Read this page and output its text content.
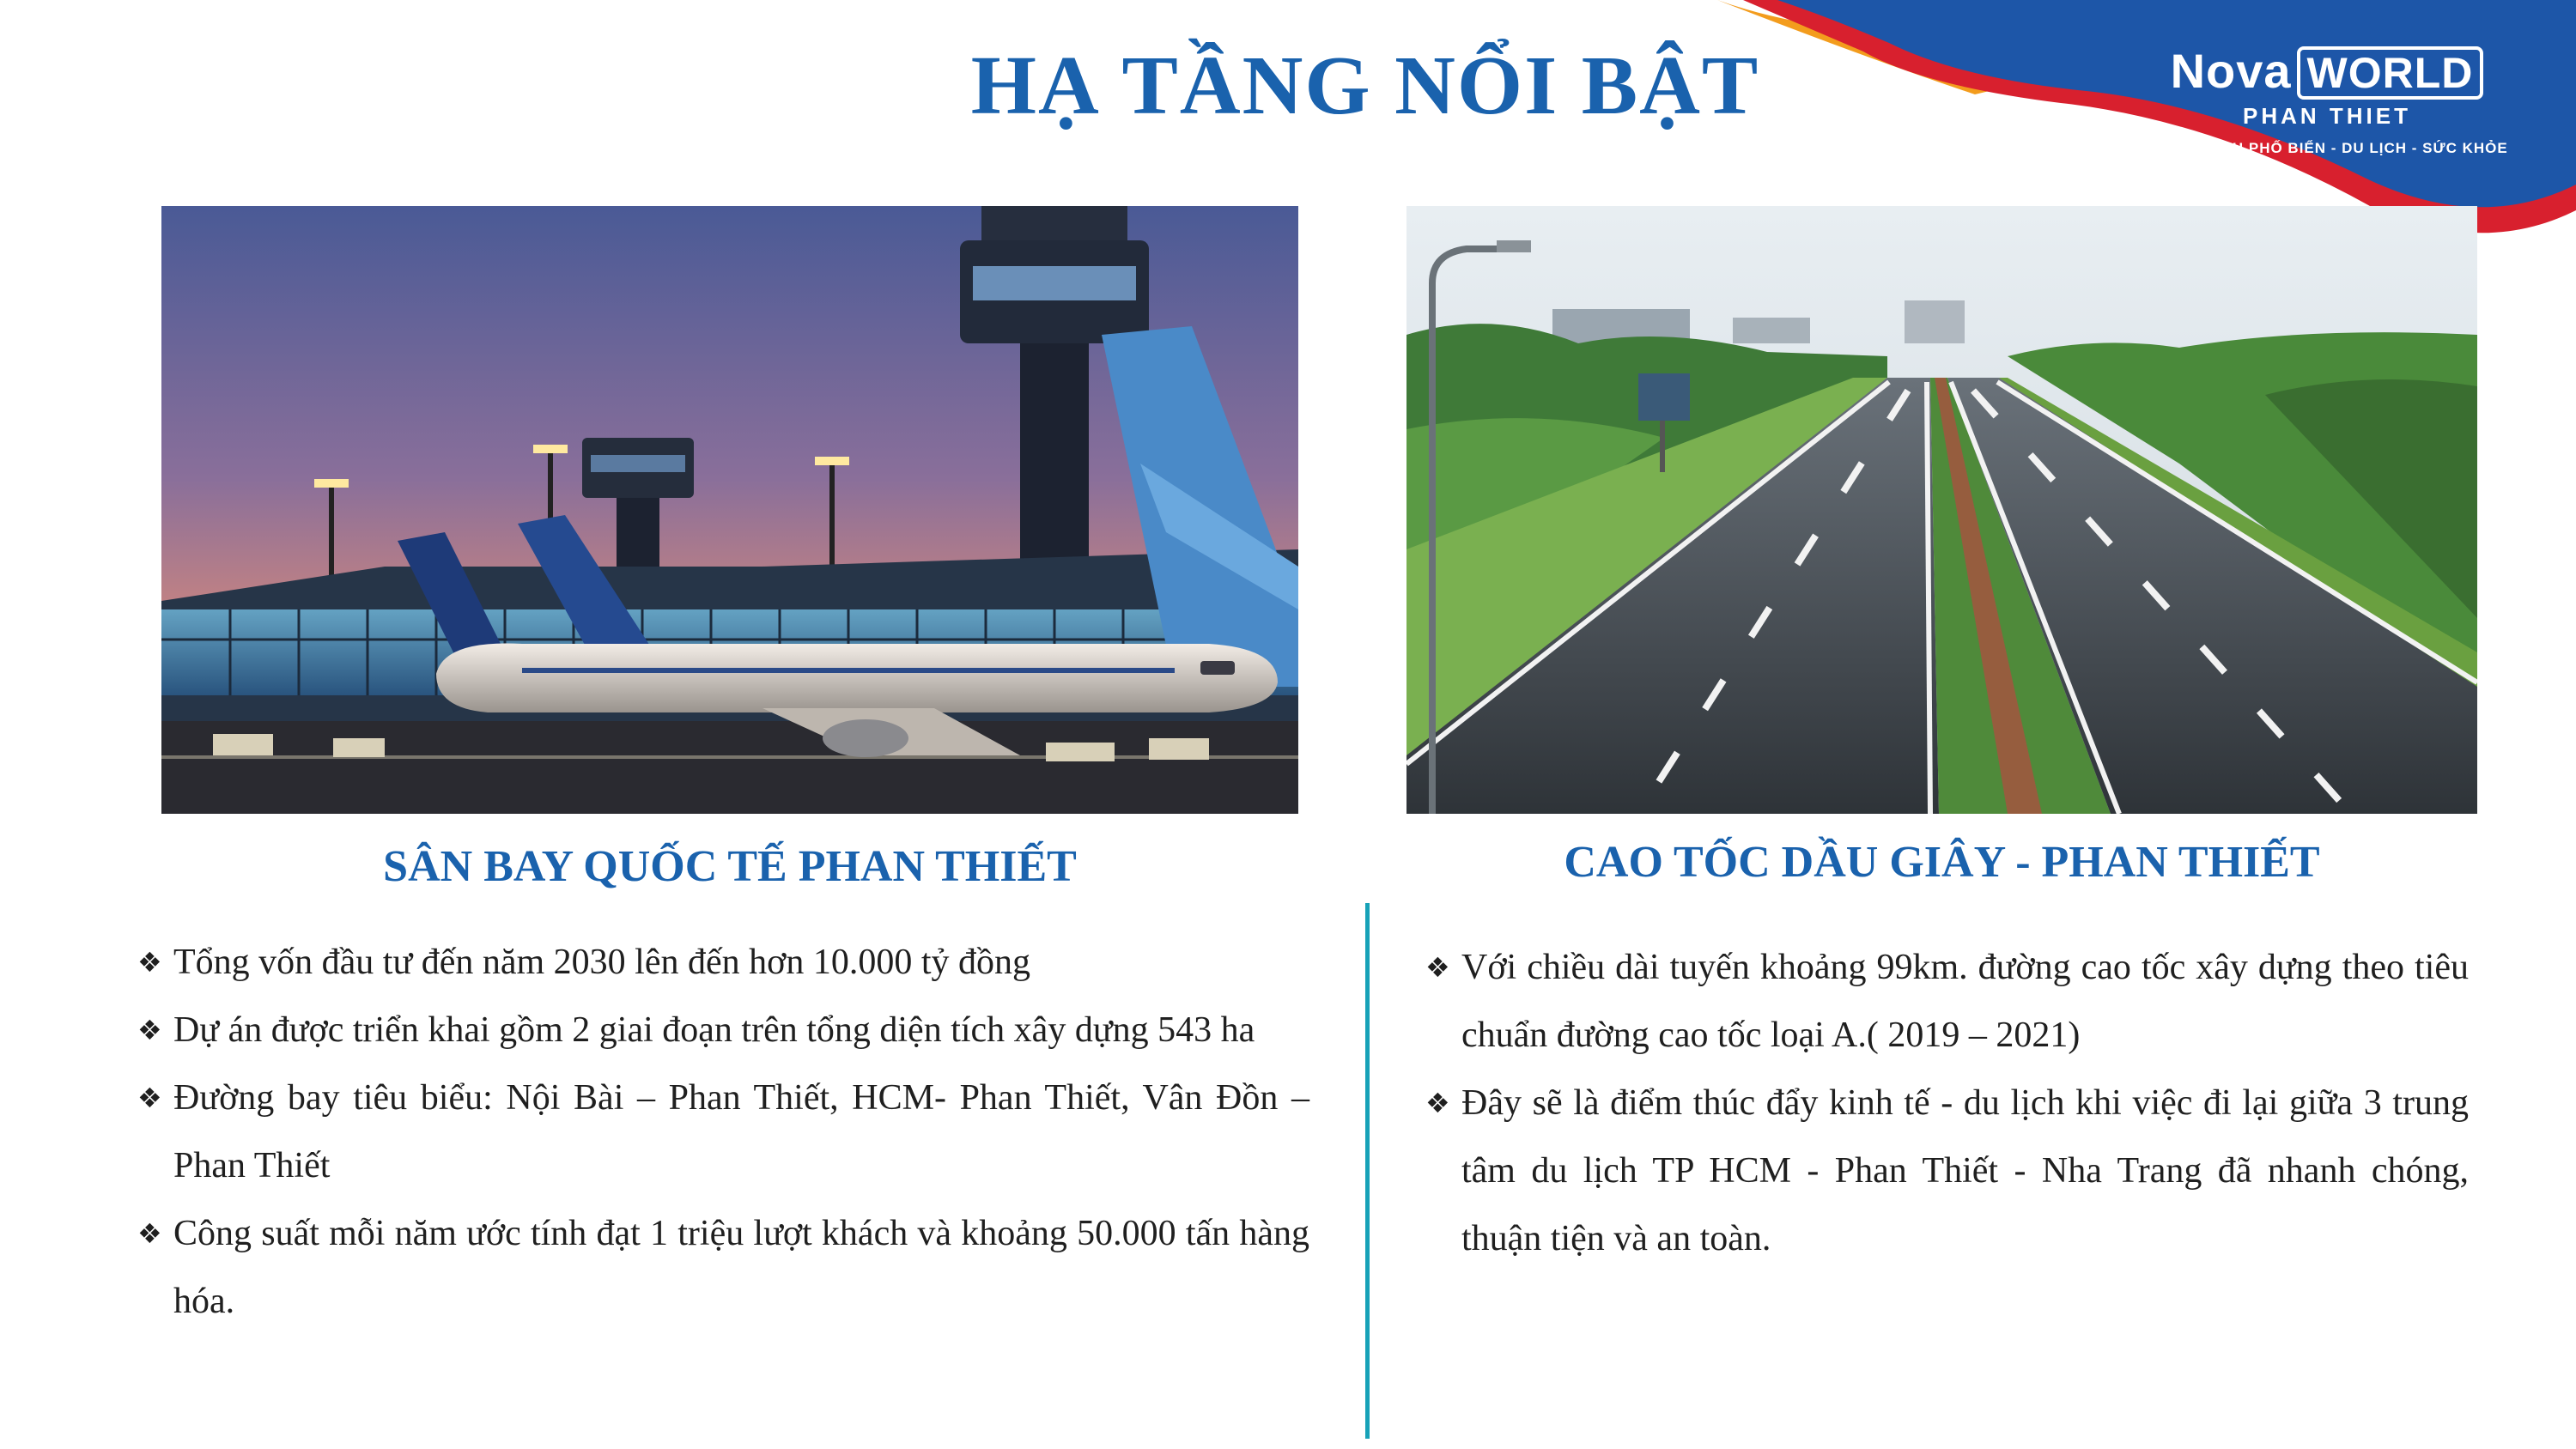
Nova WORLD
PHAN THIET
SIÊU THÀNH PHỐ BIỂN - DU LỊCH - SỨC KHỎE
HẠ TẦNG NỔI BẬT
SÂN BAY QUỐC TẾ PHAN THIẾT	CAO TỐC DẦU GIÂY - PHAN THIẾT
❖ Tổng vốn đầu tư đến năm 2030 lên đến hơn 10.000 tỷ đồng
❖ Dự án được triển khai gồm 2 giai đoạn trên tổng diện tích xây dựng 543 ha
❖ Đường bay tiêu biểu: Nội Bài – Phan Thiết, HCM- Phan Thiết, Vân Đồn – Phan Thiết
❖ Công suất mỗi năm ước tính đạt 1 triệu lượt khách và khoảng 50.000 tấn hàng hóa.
❖ Với chiều dài tuyến khoảng 99km. đường cao tốc xây dựng theo tiêu chuẩn đường cao tốc loại A.( 2019 – 2021)
❖ Đây sẽ là điểm thúc đẩy kinh tế - du lịch khi việc đi lại giữa 3 trung tâm du lịch TP HCM - Phan Thiết - Nha Trang đã nhanh chóng, thuận tiện và an toàn.
